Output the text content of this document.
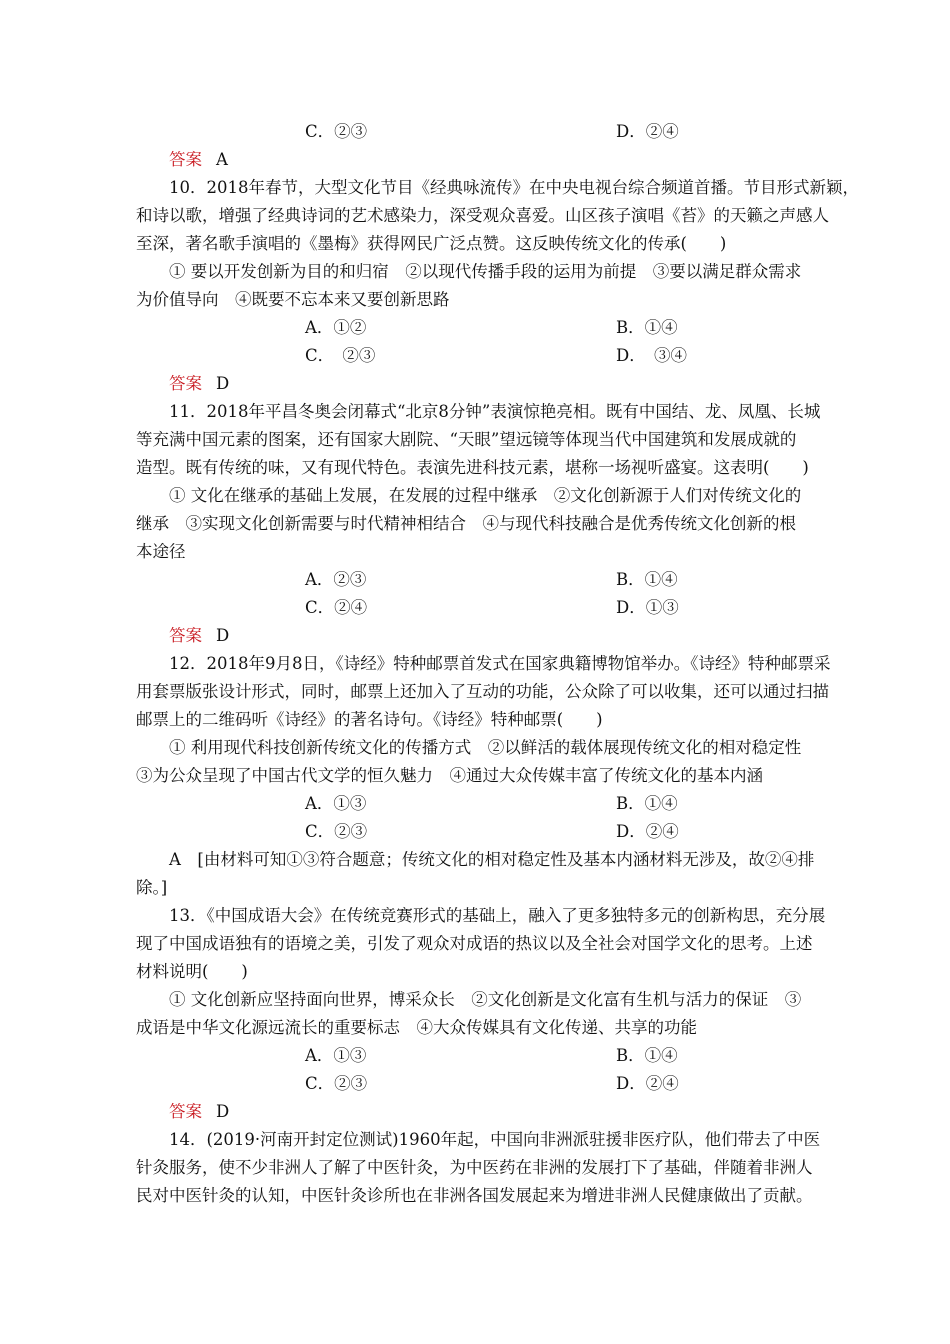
C．②③	D．②④
答案 A
10．2018年春节，大型文化节目《经典咏流传》在中央电视台综合频道首播。节目形式新颖，
和诗以歌，增强了经典诗词的艺术感染力，深受观众喜爱。山区孩子演唱《苔》的天籁之声感人
至深，著名歌手演唱的《墨梅》获得网民广泛点赞。这反映传统文化的传承(　　)
① 要以开发创新为目的和归宿　②以现代传播手段的运用为前提　③要以满足群众需求
为价值导向　④既要不忘本来又要创新思路
A．①②	B．①④
C．　②③	D．　③④
答案 D
11．2018年平昌冬奥会闭幕式“北京8分钟”表演惊艳亮相。既有中国结、龙、凤凰、长城
等充满中国元素的图案，还有国家大剧院、“天眼”望远镜等体现当代中国建筑和发展成就的
造型。既有传统的味，又有现代特色。表演先进科技元素，堪称一场视听盛宴。这表明(　　)
① 文化在继承的基础上发展，在发展的过程中继承　②文化创新源于人们对传统文化的
继承　③实现文化创新需要与时代精神相结合　④与现代科技融合是优秀传统文化创新的根
本途径
A．②③	B．①④
C．②④	D．①③
答案 D
12．2018年9月8日，《诗经》特种邮票首发式在国家典籍博物馆举办。《诗经》特种邮票采
用套票版张设计形式，同时，邮票上还加入了互动的功能，公众除了可以收集，还可以通过扫描
邮票上的二维码听《诗经》的著名诗句。《诗经》特种邮票(　　)
① 利用现代科技创新传统文化的传播方式　②以鲜活的载体展现传统文化的相对稳定性
③为公众呈现了中国古代文学的恒久魅力　④通过大众传媒丰富了传统文化的基本内涵
A．①③	B．①④
C．②③	D．②④
A　[由材料可知①③符合题意；传统文化的相对稳定性及基本内涵材料无涉及，故②④排
除。]
13．《中国成语大会》在传统竞赛形式的基础上，融入了更多独特多元的创新构思，充分展
现了中国成语独有的语境之美，引发了观众对成语的热议以及全社会对国学文化的思考。上述
材料说明(　　)
① 文化创新应坚持面向世界，博采众长　②文化创新是文化富有生机与活力的保证　③
成语是中华文化源远流长的重要标志　④大众传媒具有文化传递、共享的功能
A．①③	B．①④
C．②③	D．②④
答案 D
14．(2019·河南开封定位测试)1960年起，中国向非洲派驻援非医疗队，他们带去了中医
针灸服务，使不少非洲人了解了中医针灸，为中医药在非洲的发展打下了基础，伴随着非洲人
民对中医针灸的认知，中医针灸诊所也在非洲各国发展起来为增进非洲人民健康做出了贡献。
